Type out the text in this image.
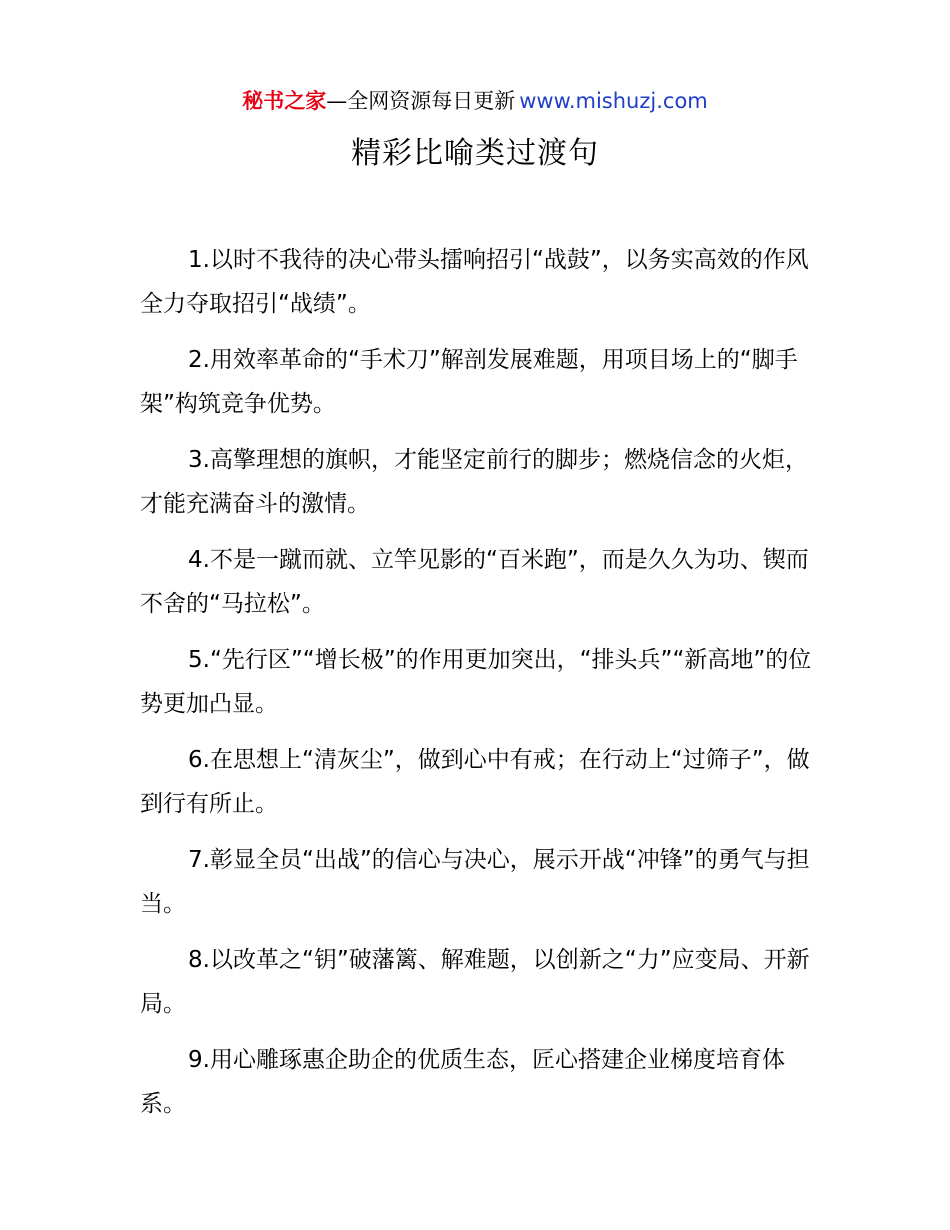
秘书之家—全网资源每日更新 www.mishuzj.com
精彩比喻类过渡句

1.以时不我待的决心带头擂响招引“战鼓”，以务实高效的作风全力夺取招引“战绩”。

2.用效率革命的“手术刀”解剖发展难题，用项目场上的“脚手架”构筑竞争优势。

3.高擎理想的旗帜，才能坚定前行的脚步；燃烧信念的火炬，才能充满奋斗的激情。

4.不是一蹴而就、立竿见影的“百米跑”，而是久久为功、锲而不舍的“马拉松”。

5.“先行区”“增长极”的作用更加突出，“排头兵”“新高地”的位势更加凸显。

6.在思想上“清灰尘”，做到心中有戒；在行动上“过筛子”，做到行有所止。

7.彰显全员“出战”的信心与决心，展示开战“冲锋”的勇气与担当。

8.以改革之“钥”破藩篱、解难题，以创新之“力”应变局、开新局。

9.用心雕琢惠企助企的优质生态，匠心搭建企业梯度培育体系。
